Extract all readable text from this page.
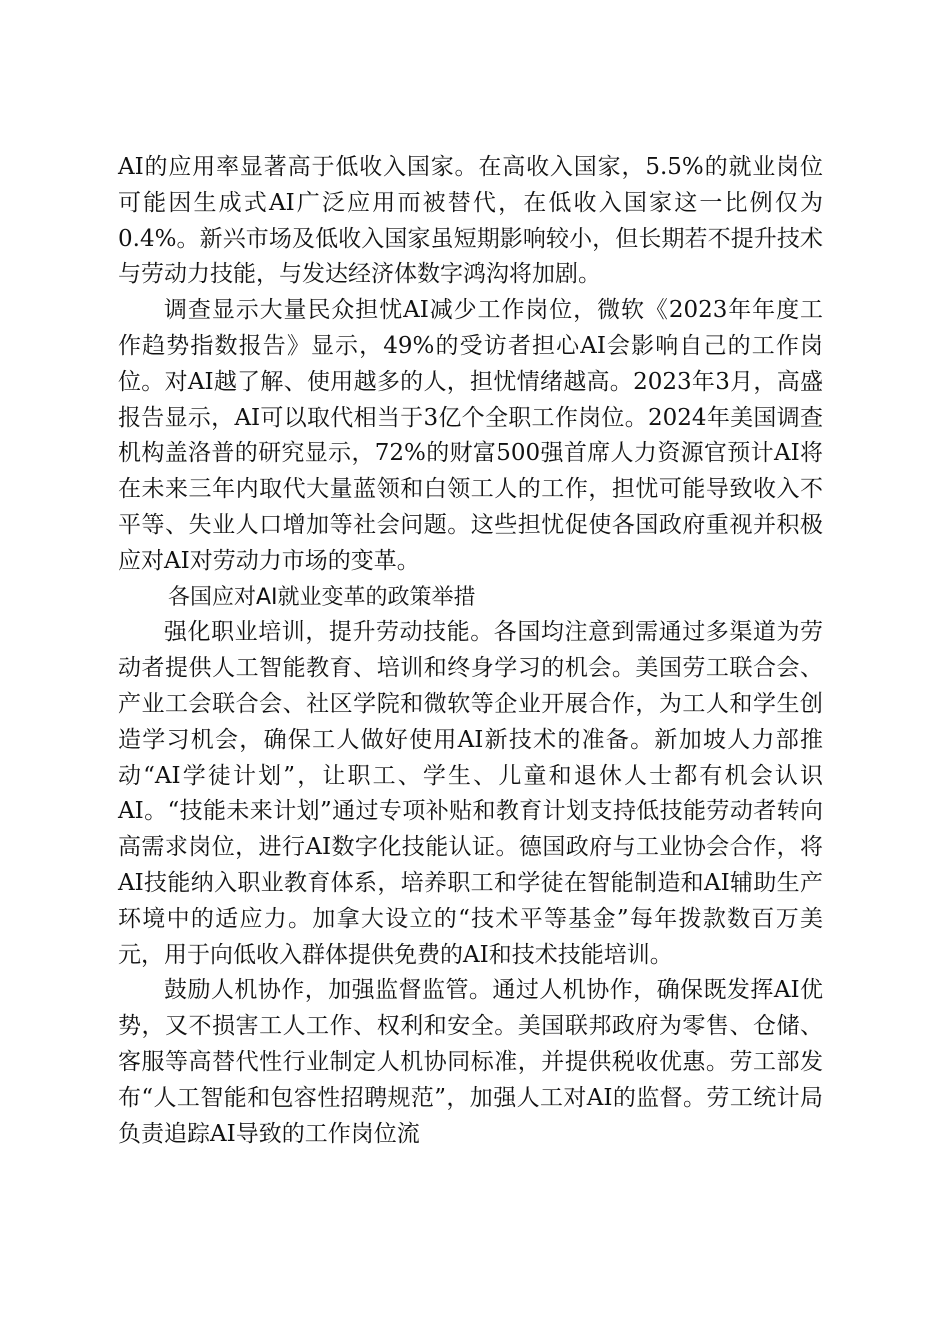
AI的应用率显著高于低收入国家。在高收入国家，5.5%的就业岗位可能因生成式AI广泛应用而被替代，在低收入国家这一比例仅为0.4%。新兴市场及低收入国家虽短期影响较小，但长期若不提升技术与劳动力技能，与发达经济体数字鸿沟将加剧。

调查显示大量民众担忧AI减少工作岗位，微软《2023年年度工作趋势指数报告》显示，49%的受访者担心AI会影响自己的工作岗位。对AI越了解、使用越多的人，担忧情绪越高。2023年3月，高盛报告显示，AI可以取代相当于3亿个全职工作岗位。2024年美国调查机构盖洛普的研究显示，72%的财富500强首席人力资源官预计AI将在未来三年内取代大量蓝领和白领工人的工作，担忧可能导致收入不平等、失业人口增加等社会问题。这些担忧促使各国政府重视并积极应对AI对劳动力市场的变革。

各国应对AI就业变革的政策举措

强化职业培训，提升劳动技能。各国均注意到需通过多渠道为劳动者提供人工智能教育、培训和终身学习的机会。美国劳工联合会、产业工会联合会、社区学院和微软等企业开展合作，为工人和学生创造学习机会，确保工人做好使用AI新技术的准备。新加坡人力部推动“AI学徒计划”，让职工、学生、儿童和退休人士都有机会认识AI。“技能未来计划”通过专项补贴和教育计划支持低技能劳动者转向高需求岗位，进行AI数字化技能认证。德国政府与工业协会合作，将AI技能纳入职业教育体系，培养职工和学徒在智能制造和AI辅助生产环境中的适应力。加拿大设立的“技术平等基金”每年拨款数百万美元，用于向低收入群体提供免费的AI和技术技能培训。

鼓励人机协作，加强监督监管。通过人机协作，确保既发挥AI优势，又不损害工人工作、权利和安全。美国联邦政府为零售、仓储、客服等高替代性行业制定人机协同标准，并提供税收优惠。劳工部发布“人工智能和包容性招聘规范”，加强人工对AI的监督。劳工统计局负责追踪AI导致的工作岗位流
